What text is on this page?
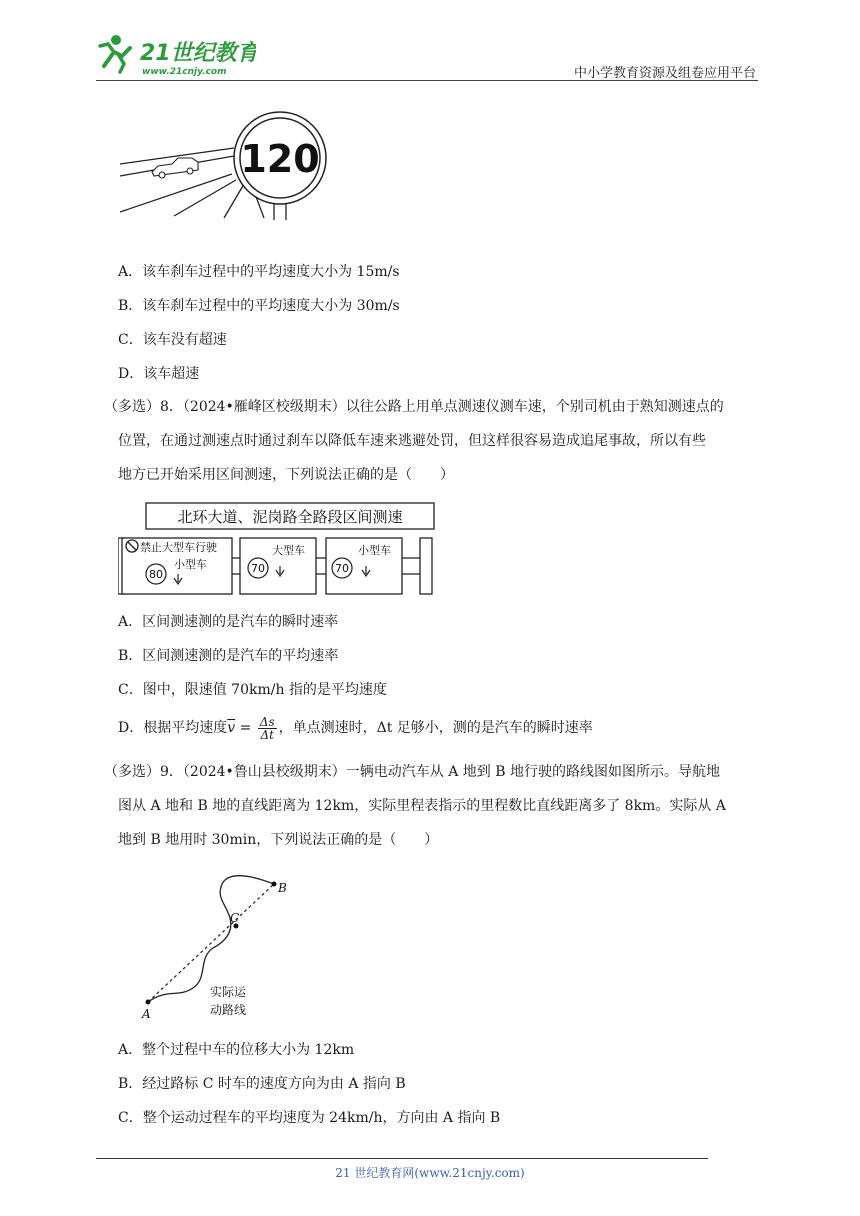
21世纪教育
www.21cnjy.com	中小学教育资源及组卷应用平台
120
A．该车刹车过程中的平均速度大小为 15m/s
B．该车刹车过程中的平均速度大小为 30m/s
C．该车没有超速
D．该车超速
（多选）8．（2024•雁峰区校级期末）以往公路上用单点测速仪测车速，个别司机由于熟知测速点的
位置，在通过测速点时通过刹车以降低车速来逃避处罚，但这样很容易造成追尾事故，所以有些
地方已开始采用区间测速，下列说法正确的是（　　）
北环大道、泥岗路全路段区间测速
禁止大型车行驶
80
小型车	70
大型车
70
小型车
A．区间测速测的是汽车的瞬时速率
B．区间测速测的是汽车的平均速率
C．图中，限速值 70km/h 指的是平均速度
D．根据平均速度$\overline{v} = \frac{\Delta s}{\Delta t}$ ，单点测速时，Δt 足够小，测的是汽车的瞬时速率
（多选）9．（2024•鲁山县校级期末）一辆电动汽车从 A 地到 B 地行驶的路线图如图所示。导航地
图从 A 地和 B 地的直线距离为 12km，实际里程表指示的里程数比直线距离多了 8km。实际从 A
地到 B 地用时 30min，下列说法正确的是（　　）
A
B
C
实际运
动路线
A．整个过程中车的位移大小为 12km
B．经过路标 C 时车的速度方向为由 A 指向 B
C．整个运动过程车的平均速度为 24km/h，方向由 A 指向 B
21 世纪教育网(www.21cnjy.com)
